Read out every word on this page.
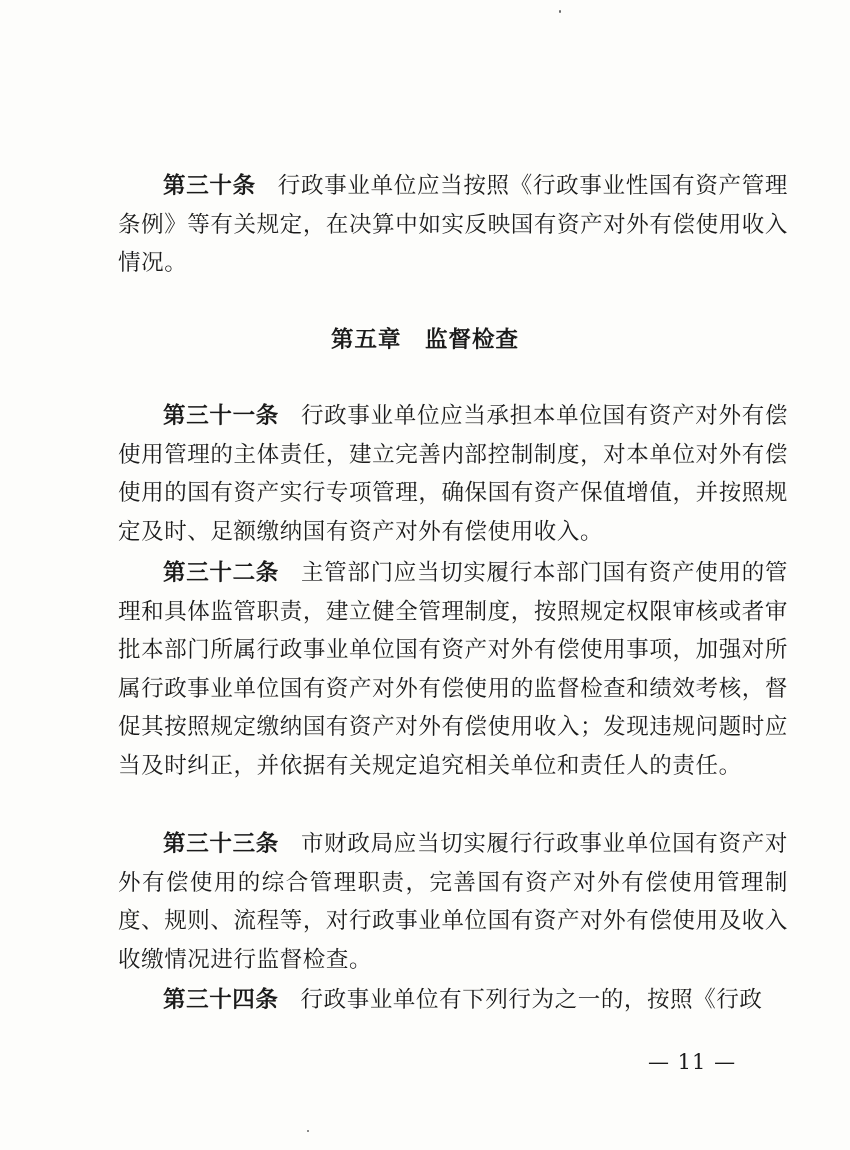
第三十条 行政事业单位应当按照《行政事业性国有资产管理条例》等有关规定，在决算中如实反映国有资产对外有偿使用收入情况。

第五章　监督检查

第三十一条 行政事业单位应当承担本单位国有资产对外有偿使用管理的主体责任，建立完善内部控制制度，对本单位对外有偿使用的国有资产实行专项管理，确保国有资产保值增值，并按照规定及时、足额缴纳国有资产对外有偿使用收入。

第三十二条 主管部门应当切实履行本部门国有资产使用的管理和具体监管职责，建立健全管理制度，按照规定权限审核或者审批本部门所属行政事业单位国有资产对外有偿使用事项，加强对所属行政事业单位国有资产对外有偿使用的监督检查和绩效考核，督促其按照规定缴纳国有资产对外有偿使用收入；发现违规问题时应当及时纠正，并依据有关规定追究相关单位和责任人的责任。

第三十三条 市财政局应当切实履行行政事业单位国有资产对外有偿使用的综合管理职责，完善国有资产对外有偿使用管理制度、规则、流程等，对行政事业单位国有资产对外有偿使用及收入收缴情况进行监督检查。

第三十四条 行政事业单位有下列行为之一的，按照《行政

— 11 —
